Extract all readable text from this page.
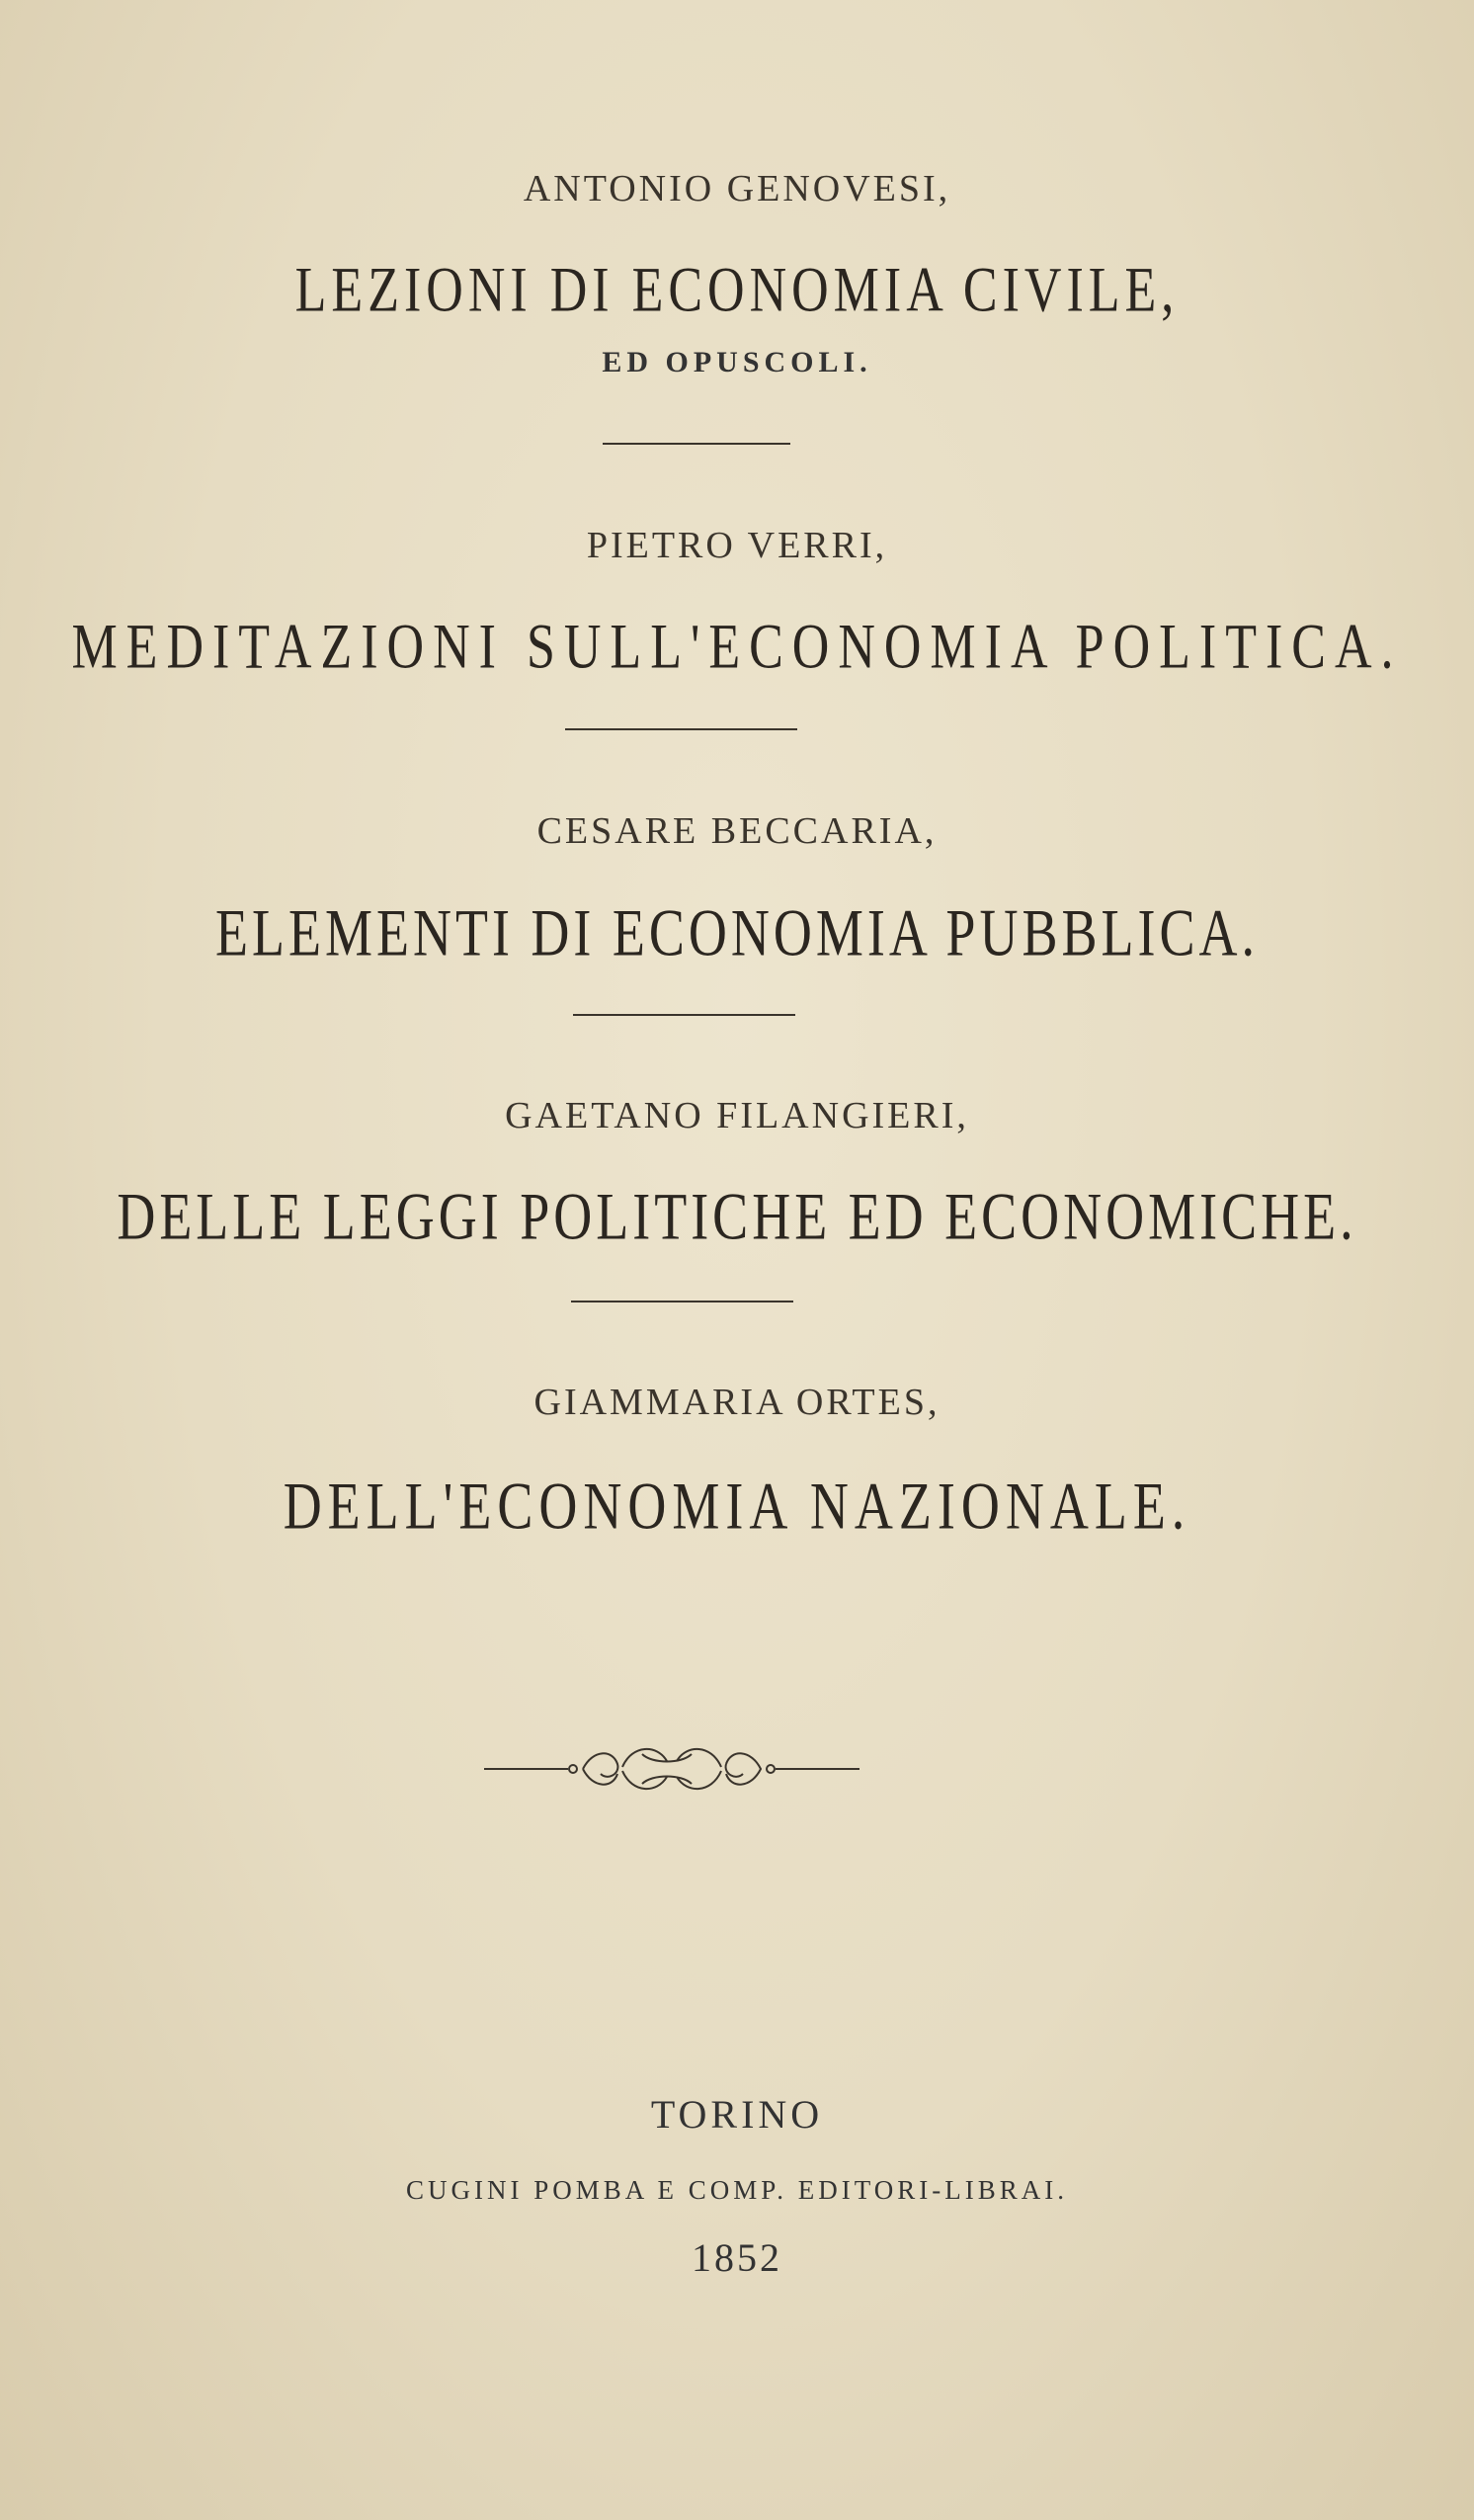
ANTONIO GENOVESI,
LEZIONI DI ECONOMIA CIVILE,
ED OPUSCOLI.
PIETRO VERRI,
MEDITAZIONI SULL'ECONOMIA POLITICA.
CESARE BECCARIA,
ELEMENTI DI ECONOMIA PUBBLICA.
GAETANO FILANGIERI,
DELLE LEGGI POLITICHE ED ECONOMICHE.
GIAMMARIA ORTES,
DELL'ECONOMIA NAZIONALE.
TORINO
CUGINI POMBA E COMP. EDITORI-LIBRAI.
1852
